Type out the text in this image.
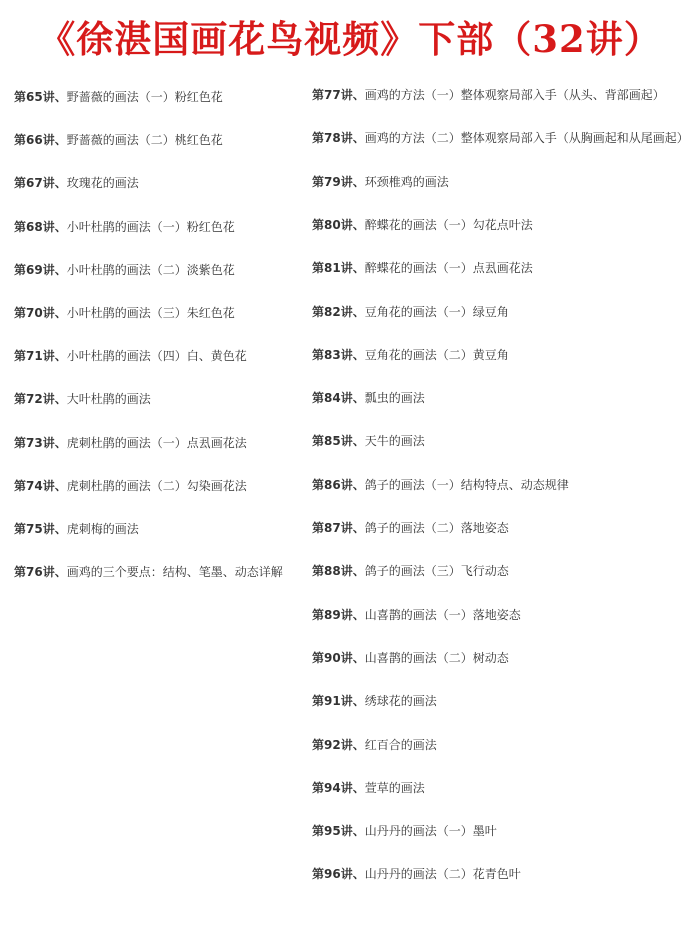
《徐湛国画花鸟视频》下部（32讲）
第65讲、野蔷薇的画法（一）粉红色花
第66讲、野蔷薇的画法（二）桃红色花
第67讲、玫瑰花的画法
第68讲、小叶杜鹃的画法（一）粉红色花
第69讲、小叶杜鹃的画法（二）淡紫色花
第70讲、小叶杜鹃的画法（三）朱红色花
第71讲、小叶杜鹃的画法（四）白、黄色花
第72讲、大叶杜鹃的画法
第73讲、虎刺杜鹃的画法（一）点厾画花法
第74讲、虎刺杜鹃的画法（二）勾染画花法
第75讲、虎刺梅的画法
第76讲、画鸡的三个要点：结构、笔墨、动态详解
第77讲、画鸡的方法（一）整体观察局部入手（从头、背部画起）
第78讲、画鸡的方法（二）整体观察局部入手（从胸画起和从尾画起）
第79讲、环颈椎鸡的画法
第80讲、醉蝶花的画法（一）勾花点叶法
第81讲、醉蝶花的画法（一）点厾画花法
第82讲、豆角花的画法（一）绿豆角
第83讲、豆角花的画法（二）黄豆角
第84讲、瓢虫的画法
第85讲、天牛的画法
第86讲、鸽子的画法（一）结构特点、动态规律
第87讲、鸽子的画法（二）落地姿态
第88讲、鸽子的画法（三）飞行动态
第89讲、山喜鹊的画法（一）落地姿态
第90讲、山喜鹊的画法（二）树动态
第91讲、绣球花的画法
第92讲、红百合的画法
第94讲、萱草的画法
第95讲、山丹丹的画法（一）墨叶
第96讲、山丹丹的画法（二）花青色叶
